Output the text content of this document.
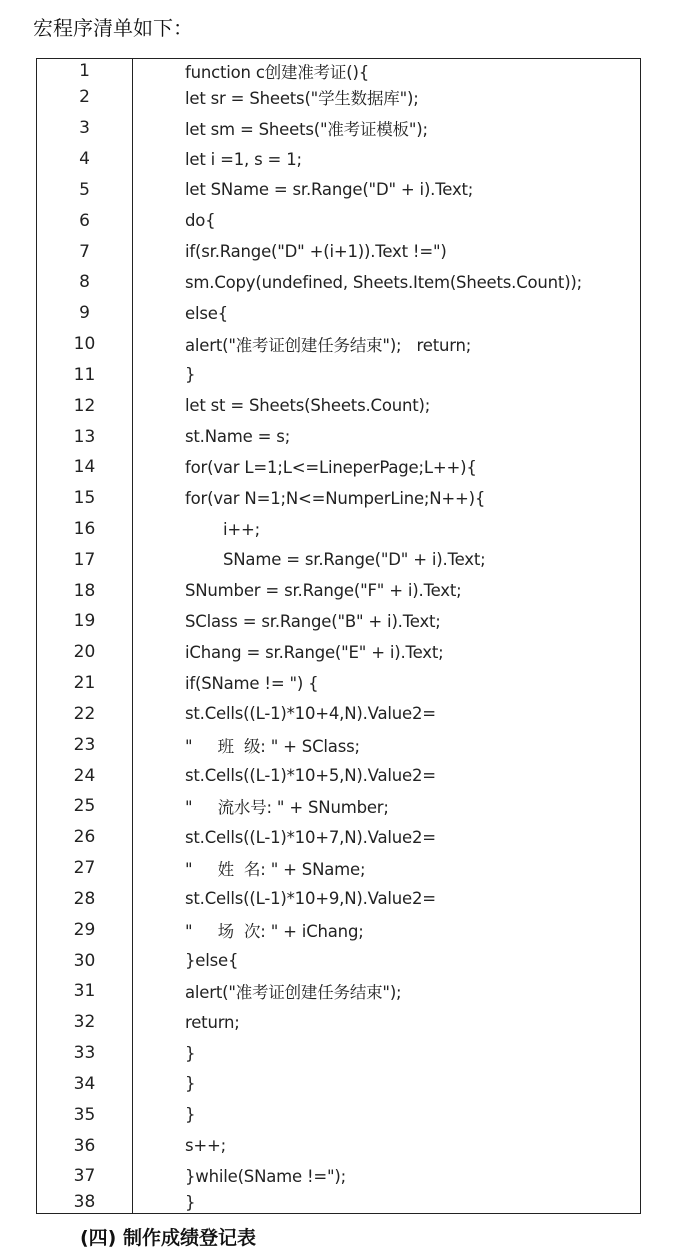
宏程序清单如下：
1	function c创建准考证(){
2	let sr = Sheets("学生数据库");
3	let sm = Sheets("准考证模板");
4	let i =1, s = 1;
5	let SName = sr.Range("D" + i).Text;
6	do{
7	if(sr.Range("D" +(i+1)).Text !=")
8	sm.Copy(undefined, Sheets.Item(Sheets.Count));
9	else{
10	alert("准考证创建任务结束");   return;
11	}
12	let st = Sheets(Sheets.Count);
13	st.Name = s;
14	for(var L=1;L<=LineperPage;L++){
15	for(var N=1;N<=NumperLine;N++){
16	i++;
17	SName = sr.Range("D" + i).Text;
18	SNumber = sr.Range("F" + i).Text;
19	SClass = sr.Range("B" + i).Text;
20	iChang = sr.Range("E" + i).Text;
21	if(SName != ") {
22	st.Cells((L-1)*10+4,N).Value2=
23	"     班  级: " + SClass;
24	st.Cells((L-1)*10+5,N).Value2=
25	"     流水号: " + SNumber;
26	st.Cells((L-1)*10+7,N).Value2=
27	"     姓  名: " + SName;
28	st.Cells((L-1)*10+9,N).Value2=
29	"     场  次: " + iChang;
30	}else{
31	alert("准考证创建任务结束");
32	return;
33	}
34	}
35	}
36	s++;
37	}while(SName !=");
38	}
(四) 制作成绩登记表
